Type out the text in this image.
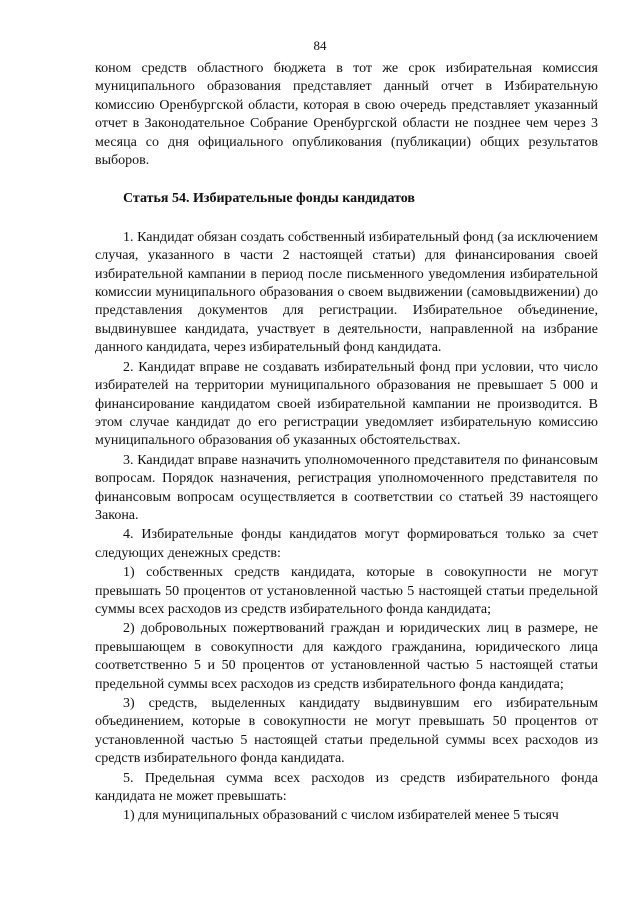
84

коном средств областного бюджета в тот же срок избирательная комиссия муниципального образования представляет данный отчет в Избирательную комиссию Оренбургской области, которая в свою очередь представляет указанный отчет в Законодательное Собрание Оренбургской области не позднее чем через 3 месяца со дня официального опубликования (публикации) общих результатов выборов.

Статья 54. Избирательные фонды кандидатов

1. Кандидат обязан создать собственный избирательный фонд (за исключением случая, указанного в части 2 настоящей статьи) для финансирования своей избирательной кампании в период после письменного уведомления избирательной комиссии муниципального образования о своем выдвижении (самовыдвижении) до представления документов для регистрации. Избирательное объединение, выдвинувшее кандидата, участвует в деятельности, направленной на избрание данного кандидата, через избирательный фонд кандидата.

2. Кандидат вправе не создавать избирательный фонд при условии, что число избирателей на территории муниципального образования не превышает 5 000 и финансирование кандидатом своей избирательной кампании не производится. В этом случае кандидат до его регистрации уведомляет избирательную комиссию муниципального образования об указанных обстоятельствах.

3. Кандидат вправе назначить уполномоченного представителя по финансовым вопросам. Порядок назначения, регистрация уполномоченного представителя по финансовым вопросам осуществляется в соответствии со статьей 39 настоящего Закона.

4. Избирательные фонды кандидатов могут формироваться только за счет следующих денежных средств:

1) собственных средств кандидата, которые в совокупности не могут превышать 50 процентов от установленной частью 5 настоящей статьи предельной суммы всех расходов из средств избирательного фонда кандидата;

2) добровольных пожертвований граждан и юридических лиц в размере, не превышающем в совокупности для каждого гражданина, юридического лица соответственно 5 и 50 процентов от установленной частью 5 настоящей статьи предельной суммы всех расходов из средств избирательного фонда кандидата;

3) средств, выделенных кандидату выдвинувшим его избирательным объединением, которые в совокупности не могут превышать 50 процентов от установленной частью 5 настоящей статьи предельной суммы всех расходов из средств избирательного фонда кандидата.

5. Предельная сумма всех расходов из средств избирательного фонда кандидата не может превышать:

1) для муниципальных образований с числом избирателей менее 5 тысяч
